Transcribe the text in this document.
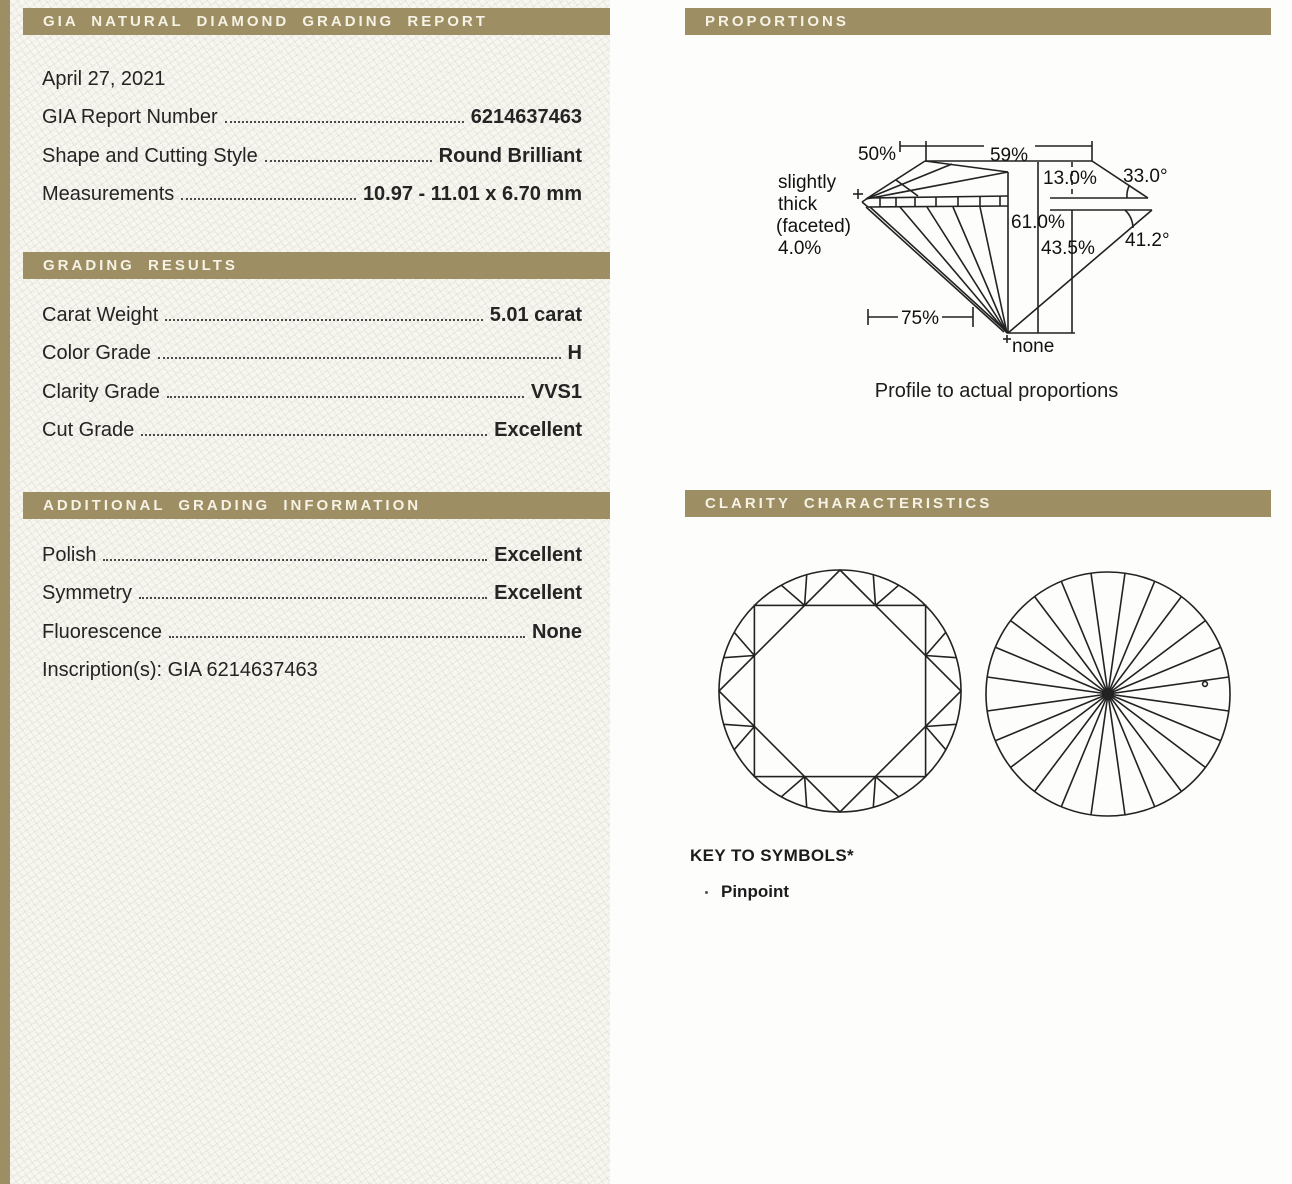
GIA NATURAL DIAMOND GRADING REPORT
April 27, 2021
GIA Report Number	6214637463
Shape and Cutting Style	Round Brilliant
Measurements	10.97 - 11.01 x 6.70 mm
GRADING RESULTS
Carat Weight	5.01 carat
Color Grade	H
Clarity Grade	VVS1
Cut Grade	Excellent
ADDITIONAL GRADING INFORMATION
Polish	Excellent
Symmetry	Excellent
Fluorescence	None
Inscription(s): GIA 6214637463
PROPORTIONS
50%	59%
slightly
thick
(faceted)
4.0%
75%
none
13.0%
61.0%
43.5%
33.0°
41.2°
Profile to actual proportions
CLARITY CHARACTERISTICS
KEY TO SYMBOLS*
Pinpoint
